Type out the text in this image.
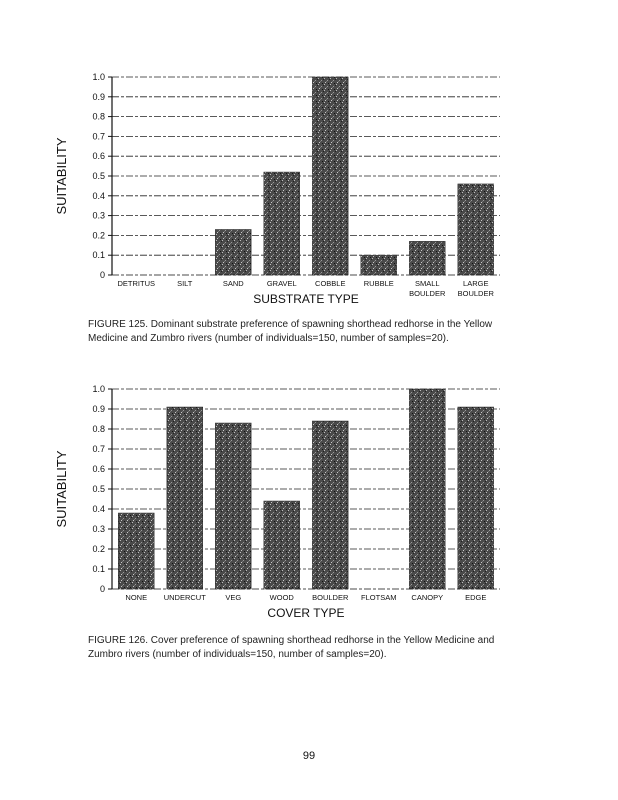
0
0.1
0.2
0.3
0.4
0.5
0.6
0.7
0.8
0.9
1.0
DETRITUS	SILT	SAND	GRAVEL COBBLE RUBBLE	SMALL
BOULDER
LARGE
BOULDER
SUBSTRATE TYPE
SUITABILITY
0
0.1
0.2
0.3
0.4
0.5
0.6
0.7
0.8
0.9
1.0
NONE UNDERCUT	VEG	WOOD BOULDER FLOTSAM CANOPY	EDGE
COVER TYPE
SUITABILITY
FIGURE 125. Dominant substrate preference of spawning shorthead redhorse in the Yellow Medicine and Zumbro rivers (number of individuals=150, number of samples=20).
FIGURE 126. Cover preference of spawning shorthead redhorse in the Yellow Medicine and Zumbro rivers (number of individuals=150, number of samples=20).
99
